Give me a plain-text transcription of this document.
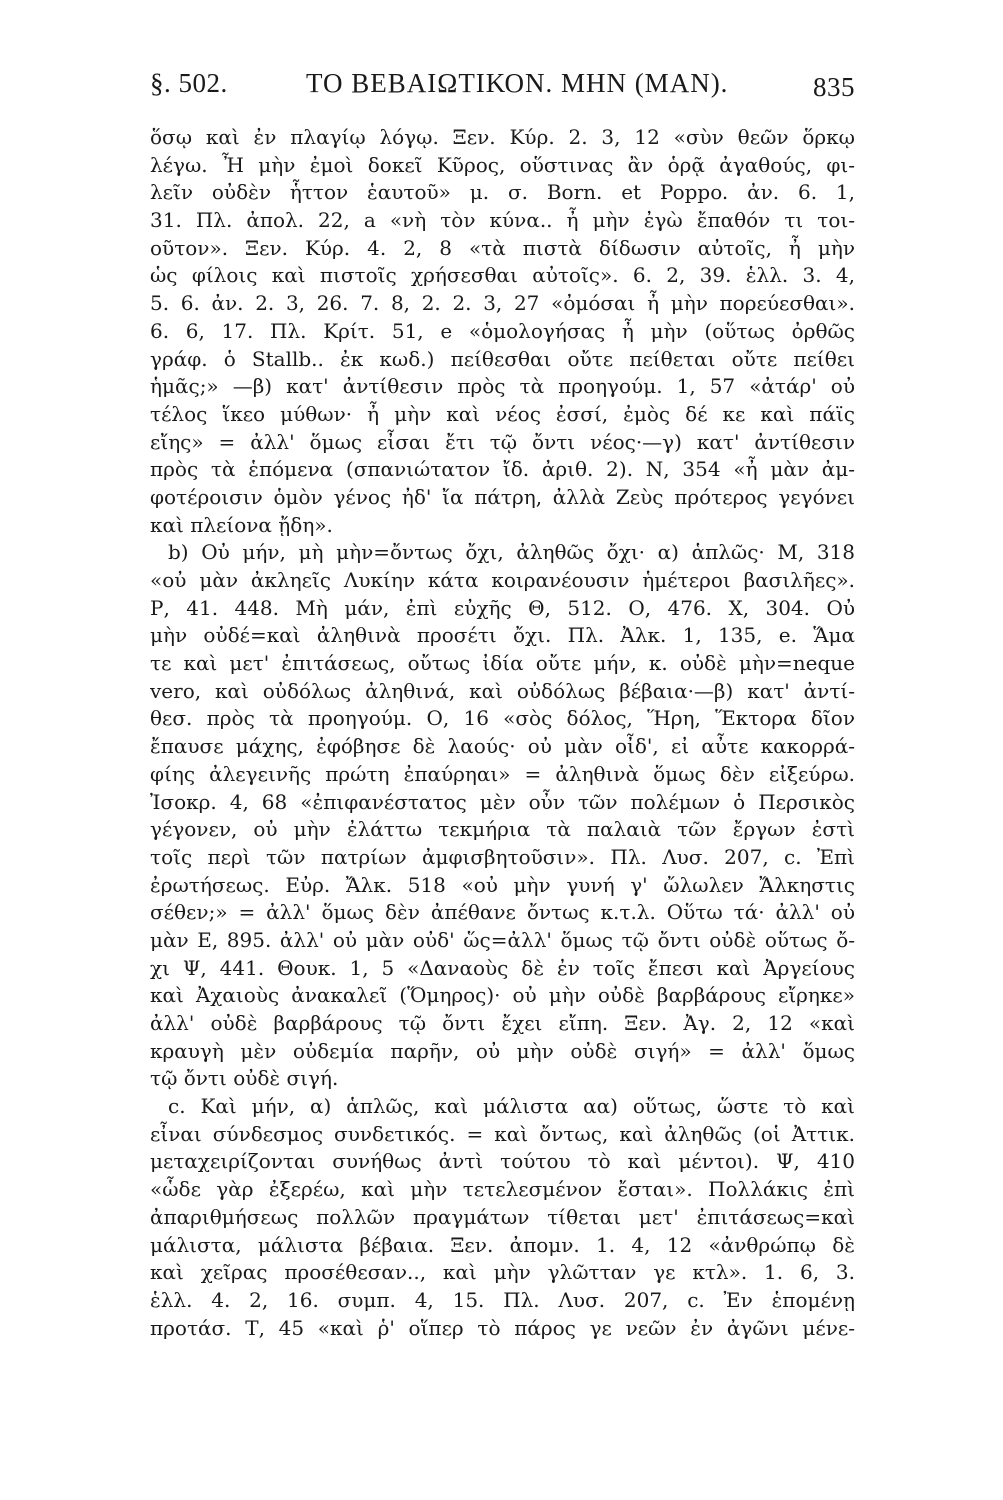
§. 502.	ΤΟ ΒΕΒΑΙΩΤΙΚΟΝ. ΜΗΝ (ΜΑΝ).	835
ὅσῳ καὶ ἐν πλαγίῳ λόγῳ. Ξεν. Κύρ. 2. 3, 12 «σὺν θεῶν ὅρκῳ
λέγω. Ἦ μὴν ἐμοὶ δοκεῖ Κῦρος, οὕστινας ἂν ὁρᾷ ἀγαθούς, φι-
λεῖν οὐδὲν ἧττον ἑαυτοῦ» μ. σ. Born. et Poppo. ἀν. 6. 1,
31. Πλ. ἀπολ. 22, a «νὴ τὸν κύνα.. ἦ μὴν ἐγὼ ἔπαθόν τι τοι-
οῦτον». Ξεν. Κύρ. 4. 2, 8 «τὰ πιστὰ δίδωσιν αὐτοῖς, ἦ μὴν
ὡς φίλοις καὶ πιστοῖς χρήσεσθαι αὐτοῖς». 6. 2, 39. ἑλλ. 3. 4,
5. 6. ἀν. 2. 3, 26. 7. 8, 2. 2. 3, 27 «ὀμόσαι ἦ μὴν πορεύεσθαι».
6. 6, 17. Πλ. Κρίτ. 51, e «ὁμολογήσας ἦ μὴν (οὕτως ὀρθῶς
γράφ. ὁ Stallb.. ἐκ κωδ.) πείθεσθαι οὔτε πείθεται οὔτε πείθει
ἡμᾶς;» —β) κατ' ἀντίθεσιν πρὸς τὰ προηγούμ. 1, 57 «ἀτάρ' οὐ
τέλος ἵκεο μύθων· ἦ μὴν καὶ νέος ἐσσί, ἐμὸς δέ κε καὶ πάϊς
εἴης» = ἀλλ' ὅμως εἶσαι ἔτι τῷ ὄντι νέος·—γ) κατ' ἀντίθεσιν
πρὸς τὰ ἑπόμενα (σπανιώτατον ἴδ. ἀριθ. 2). Ν, 354 «ἦ μὰν ἀμ-
φοτέροισιν ὁμὸν γένος ἠδ' ἴα πάτρη, ἀλλὰ Ζεὺς πρότερος γεγόνει
καὶ πλείονα ᾔδη».
b) Οὐ μήν, μὴ μὴν=ὄντως ὄχι, ἀληθῶς ὄχι· α) ἁπλῶς· Μ, 318
«οὐ μὰν ἀκληεῖς Λυκίην κάτα κοιρανέουσιν ἡμέτεροι βασιλῆες».
Ρ, 41. 448. Μὴ μάν, ἐπὶ εὐχῆς Θ, 512. Ο, 476. Χ, 304. Οὐ
μὴν οὐδέ=καὶ ἀληθινὰ προσέτι ὄχι. Πλ. Ἀλκ. 1, 135, e. Ἅμα
τε καὶ μετ' ἐπιτάσεως, οὔτως ἰδία οὔτε μήν, κ. οὐδὲ μὴν=neque
vero, καὶ οὐδόλως ἀληθινά, καὶ οὐδόλως βέβαια·—β) κατ' ἀντί-
θεσ. πρὸς τὰ προηγούμ. Ο, 16 «σὸς δόλος, Ἥρη, Ἕκτορα δῖον
ἔπαυσε μάχης, ἐφόβησε δὲ λαούς· οὐ μὰν οἶδ', εἰ αὖτε κακορρά-
φίης ἀλεγεινῆς πρώτη ἐπαύρηαι» = ἀληθινὰ ὅμως δὲν εἰξεύρω.
Ἰσοκρ. 4, 68 «ἐπιφανέστατος μὲν οὖν τῶν πολέμων ὁ Περσικὸς
γέγονεν, οὐ μὴν ἐλάττω τεκμήρια τὰ παλαιὰ τῶν ἔργων ἐστὶ
τοῖς περὶ τῶν πατρίων ἀμφισβητοῦσιν». Πλ. Λυσ. 207, c. Ἐπὶ
ἐρωτήσεως. Εὐρ. Ἄλκ. 518 «οὐ μὴν γυνή γ' ὤλωλεν Ἄλκηστις
σέθεν;» = ἀλλ' ὅμως δὲν ἀπέθανε ὄντως κ.τ.λ. Οὕτω τά· ἀλλ' οὐ
μὰν Ε, 895. ἀλλ' οὐ μὰν οὐδ' ὥς=ἀλλ' ὅμως τῷ ὄντι οὐδὲ οὕτως ὄ-
χι Ψ, 441. Θουκ. 1, 5 «Δαναοὺς δὲ ἐν τοῖς ἔπεσι καὶ Ἀργείους
καὶ Ἀχαιοὺς ἀνακαλεῖ (Ὅμηρος)· οὐ μὴν οὐδὲ βαρβάρους εἴρηκε»
ἀλλ' οὐδὲ βαρβάρους τῷ ὄντι ἔχει εἴπη. Ξεν. Ἀγ. 2, 12 «καὶ
κραυγὴ μὲν οὐδεμία παρῆν, οὐ μὴν οὐδὲ σιγή» = ἀλλ' ὅμως
τῷ ὄντι οὐδὲ σιγή.
c. Καὶ μήν, α) ἁπλῶς, καὶ μάλιστα αα) οὕτως, ὥστε τὸ καὶ
εἶναι σύνδεσμος συνδετικός. = καὶ ὄντως, καὶ ἀληθῶς (οἱ Ἀττικ.
μεταχειρίζονται συνήθως ἀντὶ τούτου τὸ καὶ μέντοι). Ψ, 410
«ὧδε γὰρ ἐξερέω, καὶ μὴν τετελεσμένον ἔσται». Πολλάκις ἐπὶ
ἀπαριθμήσεως πολλῶν πραγμάτων τίθεται μετ' ἐπιτάσεως=καὶ
μάλιστα, μάλιστα βέβαια. Ξεν. ἀπομν. 1. 4, 12 «ἀνθρώπῳ δὲ
καὶ χεῖρας προσέθεσαν.., καὶ μὴν γλῶτταν γε κτλ». 1. 6, 3.
ἑλλ. 4. 2, 16. συμπ. 4, 15. Πλ. Λυσ. 207, c. Ἐν ἑπομένῃ
προτάσ. Τ, 45 «καὶ ῥ' οἵπερ τὸ πάρος γε νεῶν ἐν ἀγῶνι μένε-
